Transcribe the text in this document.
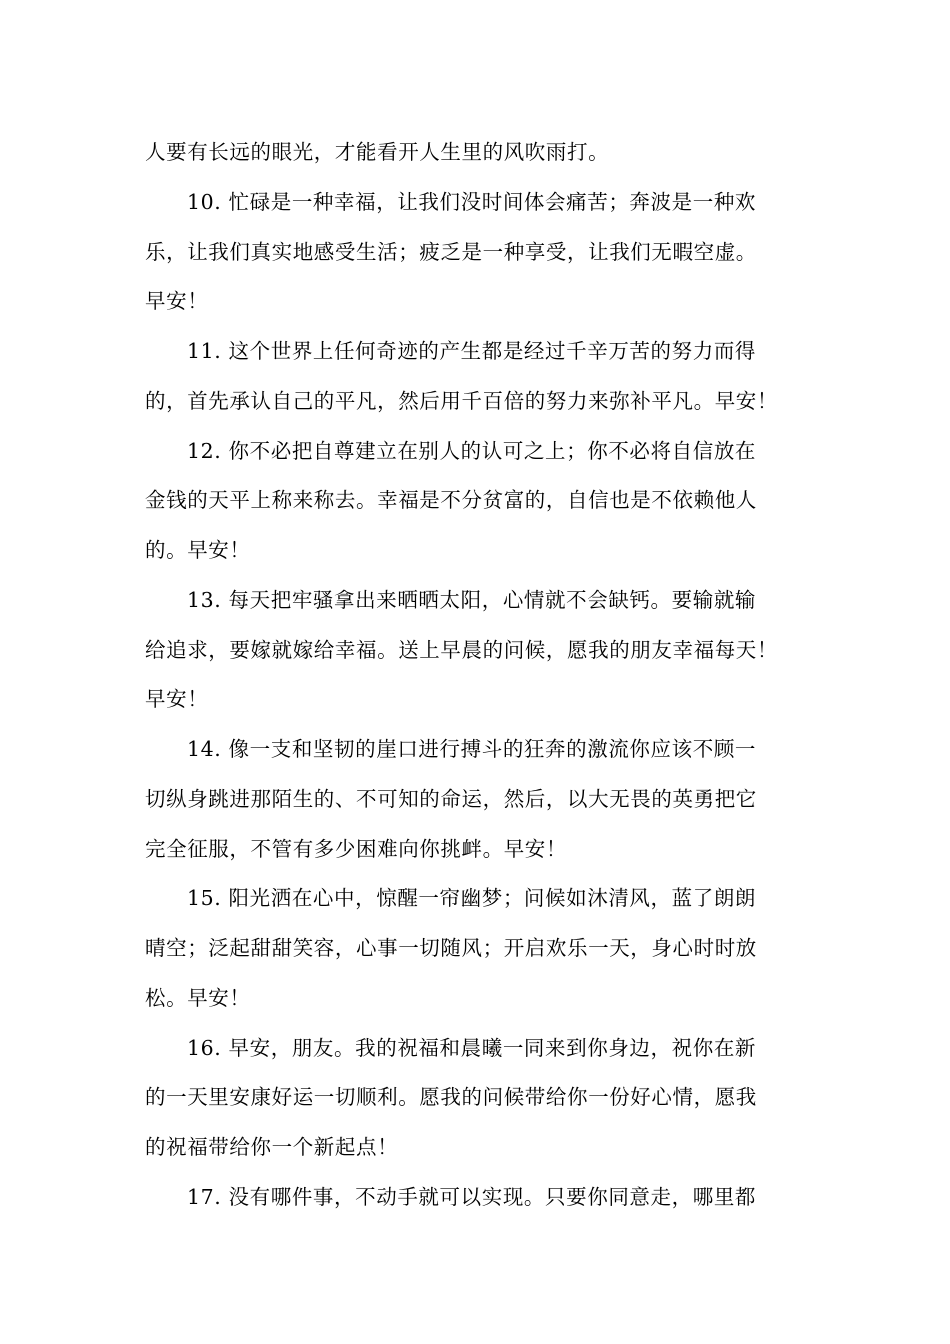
人要有长远的眼光，才能看开人生里的风吹雨打。
10. 忙碌是一种幸福，让我们没时间体会痛苦；奔波是一种欢
乐，让我们真实地感受生活；疲乏是一种享受，让我们无暇空虚。
早安！
11. 这个世界上任何奇迹的产生都是经过千辛万苦的努力而得
的，首先承认自己的平凡，然后用千百倍的努力来弥补平凡。早安！
12. 你不必把自尊建立在别人的认可之上；你不必将自信放在
金钱的天平上称来称去。幸福是不分贫富的，自信也是不依赖他人
的。早安！
13. 每天把牢骚拿出来晒晒太阳，心情就不会缺钙。要输就输
给追求，要嫁就嫁给幸福。送上早晨的问候，愿我的朋友幸福每天！
早安！
14. 像一支和坚韧的崖口进行搏斗的狂奔的激流你应该不顾一
切纵身跳进那陌生的、不可知的命运，然后，以大无畏的英勇把它
完全征服，不管有多少困难向你挑衅。早安！
15. 阳光洒在心中，惊醒一帘幽梦；问候如沐清风，蓝了朗朗
晴空；泛起甜甜笑容，心事一切随风；开启欢乐一天，身心时时放
松。早安！
16. 早安，朋友。我的祝福和晨曦一同来到你身边，祝你在新
的一天里安康好运一切顺利。愿我的问候带给你一份好心情，愿我
的祝福带给你一个新起点！
17. 没有哪件事，不动手就可以实现。只要你同意走，哪里都
